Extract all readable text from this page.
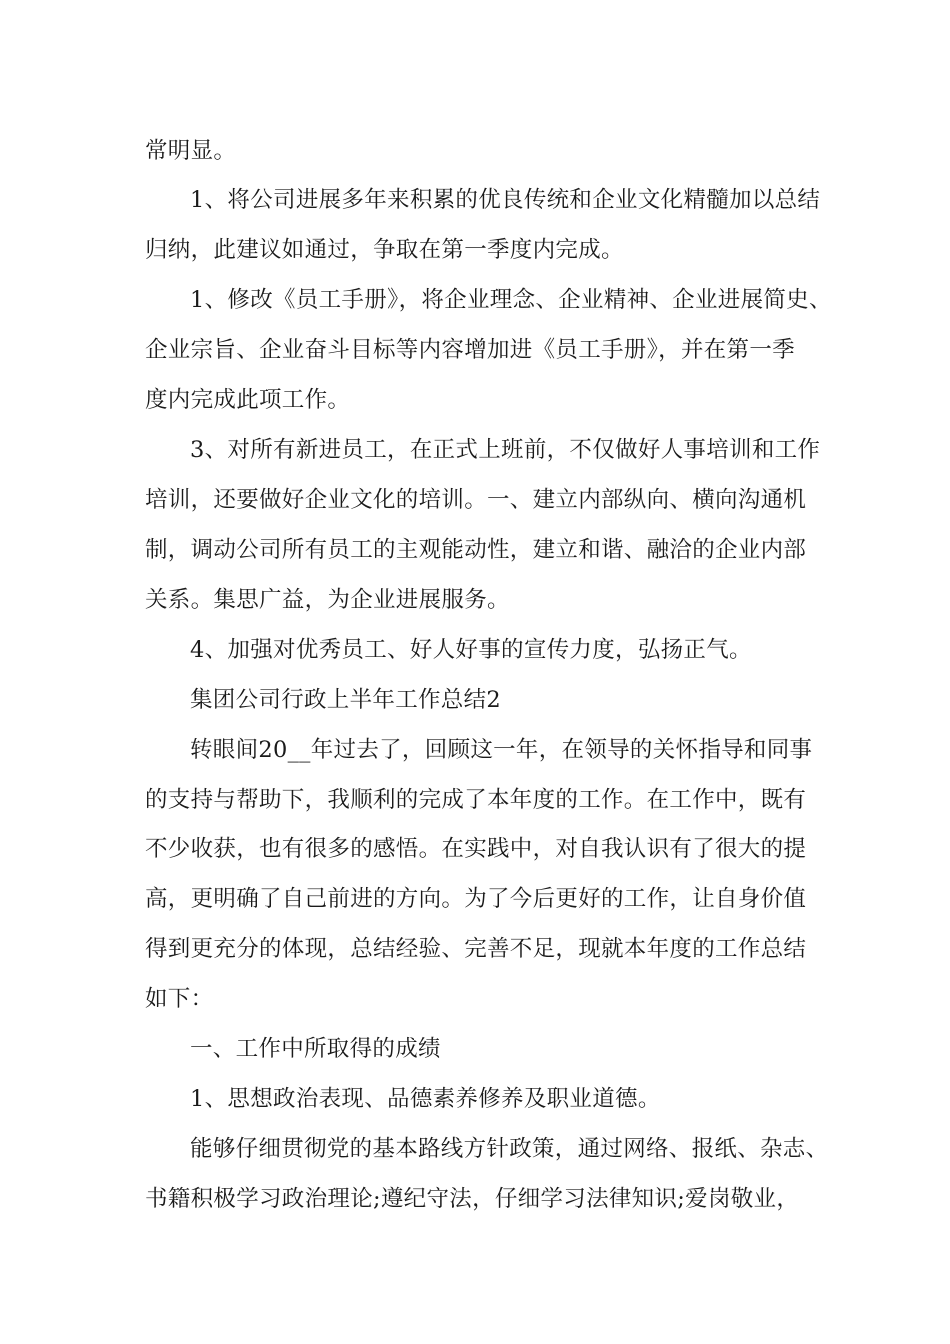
常明显。
1、将公司进展多年来积累的优良传统和企业文化精髓加以总结
归纳，此建议如通过，争取在第一季度内完成。
1、修改《员工手册》，将企业理念、企业精神、企业进展简史、
企业宗旨、企业奋斗目标等内容增加进《员工手册》，并在第一季
度内完成此项工作。
3、对所有新进员工，在正式上班前，不仅做好人事培训和工作
培训，还要做好企业文化的培训。一、建立内部纵向、横向沟通机
制，调动公司所有员工的主观能动性，建立和谐、融洽的企业内部
关系。集思广益，为企业进展服务。
4、加强对优秀员工、好人好事的宣传力度，弘扬正气。
集团公司行政上半年工作总结2
转眼间20__年过去了，回顾这一年，在领导的关怀指导和同事
的支持与帮助下，我顺利的完成了本年度的工作。在工作中，既有
不少收获，也有很多的感悟。在实践中，对自我认识有了很大的提
高，更明确了自己前进的方向。为了今后更好的工作，让自身价值
得到更充分的体现，总结经验、完善不足，现就本年度的工作总结
如下：
一、工作中所取得的成绩
1、思想政治表现、品德素养修养及职业道德。
能够仔细贯彻党的基本路线方针政策，通过网络、报纸、杂志、
书籍积极学习政治理论;遵纪守法，仔细学习法律知识;爱岗敬业，
